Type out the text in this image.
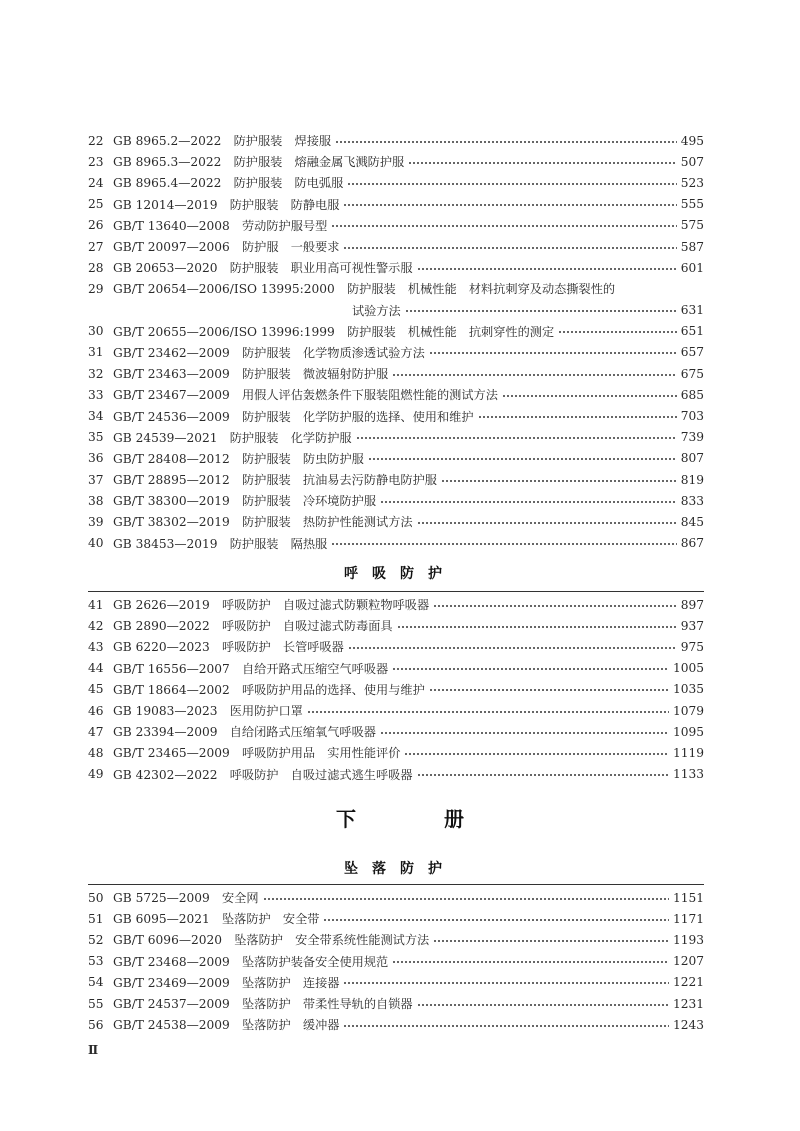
22 GB 8965.2—2022　防护服装　焊接服	495
23 GB 8965.3—2022　防护服装　熔融金属飞溅防护服	507
24 GB 8965.4—2022　防护服装　防电弧服	523
25 GB 12014—2019　防护服装　防静电服	555
26 GB/T 13640—2008　劳动防护服号型	575
27 GB/T 20097—2006　防护服　一般要求	587
28 GB 20653—2020　防护服装　职业用高可视性警示服	601
29 GB/T 20654—2006/ISO 13995:2000　防护服装　机械性能　材料抗刺穿及动态撕裂性的
试验方法	631
30 GB/T 20655—2006/ISO 13996:1999　防护服装　机械性能　抗刺穿性的测定	651
31 GB/T 23462—2009　防护服装　化学物质渗透试验方法	657
32 GB/T 23463—2009　防护服装　微波辐射防护服	675
33 GB/T 23467—2009　用假人评估轰燃条件下服装阻燃性能的测试方法	685
34 GB/T 24536—2009　防护服装　化学防护服的选择、使用和维护	703
35 GB 24539—2021　防护服装　化学防护服	739
36 GB/T 28408—2012　防护服装　防虫防护服	807
37 GB/T 28895—2012　防护服装　抗油易去污防静电防护服	819
38 GB/T 38300—2019　防护服装　冷环境防护服	833
39 GB/T 38302—2019　防护服装　热防护性能测试方法	845
40 GB 38453—2019　防护服装　隔热服	867
呼吸防护
41 GB 2626—2019　呼吸防护　自吸过滤式防颗粒物呼吸器	897
42 GB 2890—2022　呼吸防护　自吸过滤式防毒面具	937
43 GB 6220—2023　呼吸防护　长管呼吸器	975
44 GB/T 16556—2007　自给开路式压缩空气呼吸器	1005
45 GB/T 18664—2002　呼吸防护用品的选择、使用与维护	1035
46 GB 19083—2023　医用防护口罩	1079
47 GB 23394—2009　自给闭路式压缩氧气呼吸器	1095
48 GB/T 23465—2009　呼吸防护用品　实用性能评价	1119
49 GB 42302—2022　呼吸防护　自吸过滤式逃生呼吸器	1133
下册
坠落防护
50 GB 5725—2009　安全网	1151
51 GB 6095—2021　坠落防护　安全带	1171
52 GB/T 6096—2020　坠落防护　安全带系统性能测试方法	1193
53 GB/T 23468—2009　坠落防护装备安全使用规范	1207
54 GB/T 23469—2009　坠落防护　连接器	1221
55 GB/T 24537—2009　坠落防护　带柔性导轨的自锁器	1231
56 GB/T 24538—2009　坠落防护　缓冲器	1243
Ⅱ
